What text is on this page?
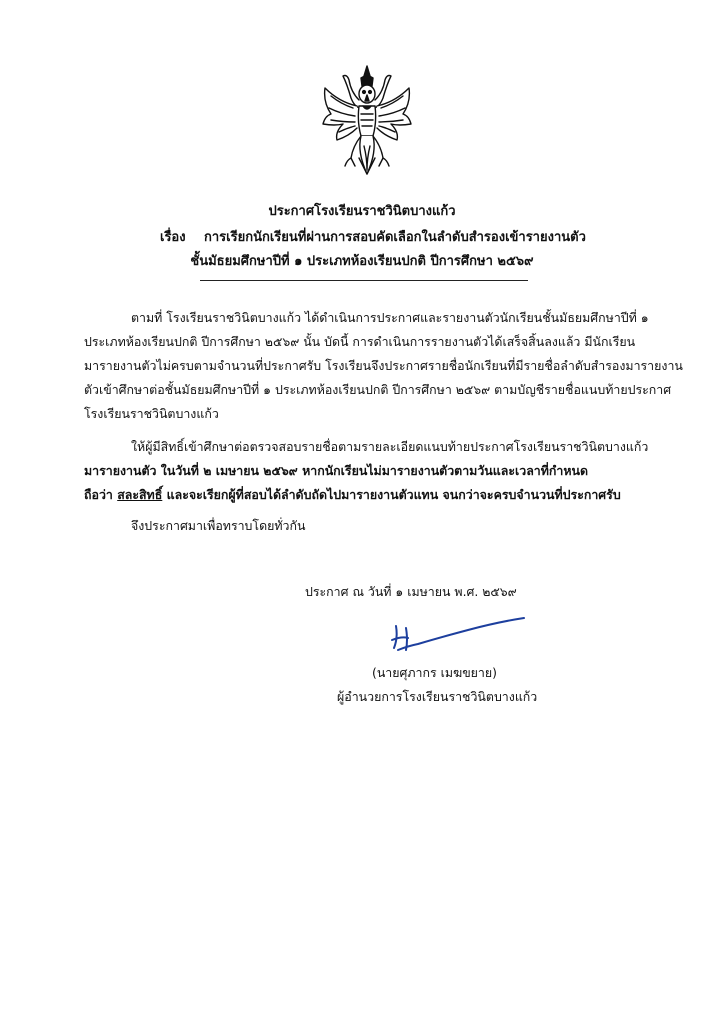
ประกาศโรงเรียนราชวินิตบางแก้ว
เรื่อง การเรียกนักเรียนที่ผ่านการสอบคัดเลือกในลำดับสำรองเข้ารายงานตัว
ชั้นมัธยมศึกษาปีที่ ๑ ประเภทห้องเรียนปกติ ปีการศึกษา ๒๕๖๙
ตามที่ โรงเรียนราชวินิตบางแก้ว ได้ดำเนินการประกาศและรายงานตัวนักเรียนชั้นมัธยมศึกษาปีที่ ๑
ประเภทห้องเรียนปกติ ปีการศึกษา ๒๕๖๙ นั้น บัดนี้ การดำเนินการรายงานตัวได้เสร็จสิ้นลงแล้ว มีนักเรียน
มารายงานตัวไม่ครบตามจำนวนที่ประกาศรับ โรงเรียนจึงประกาศรายชื่อนักเรียนที่มีรายชื่อลำดับสำรองมารายงาน
ตัวเข้าศึกษาต่อชั้นมัธยมศึกษาปีที่ ๑ ประเภทห้องเรียนปกติ ปีการศึกษา ๒๕๖๙ ตามบัญชีรายชื่อแนบท้ายประกาศ
โรงเรียนราชวินิตบางแก้ว
ให้ผู้มีสิทธิ์เข้าศึกษาต่อตรวจสอบรายชื่อตามรายละเอียดแนบท้ายประกาศโรงเรียนราชวินิตบางแก้ว
มารายงานตัว ในวันที่ ๒ เมษายน ๒๕๖๙ หากนักเรียนไม่มารายงานตัวตามวันและเวลาที่กำหนด
ถือว่า สละสิทธิ์ และจะเรียกผู้ที่สอบได้ลำดับถัดไปมารายงานตัวแทน จนกว่าจะครบจำนวนที่ประกาศรับ
จึงประกาศมาเพื่อทราบโดยทั่วกัน
ประกาศ ณ วันที่ ๑ เมษายน พ.ศ. ๒๕๖๙
(นายศุภากร เมฆขยาย)
ผู้อำนวยการโรงเรียนราชวินิตบางแก้ว
